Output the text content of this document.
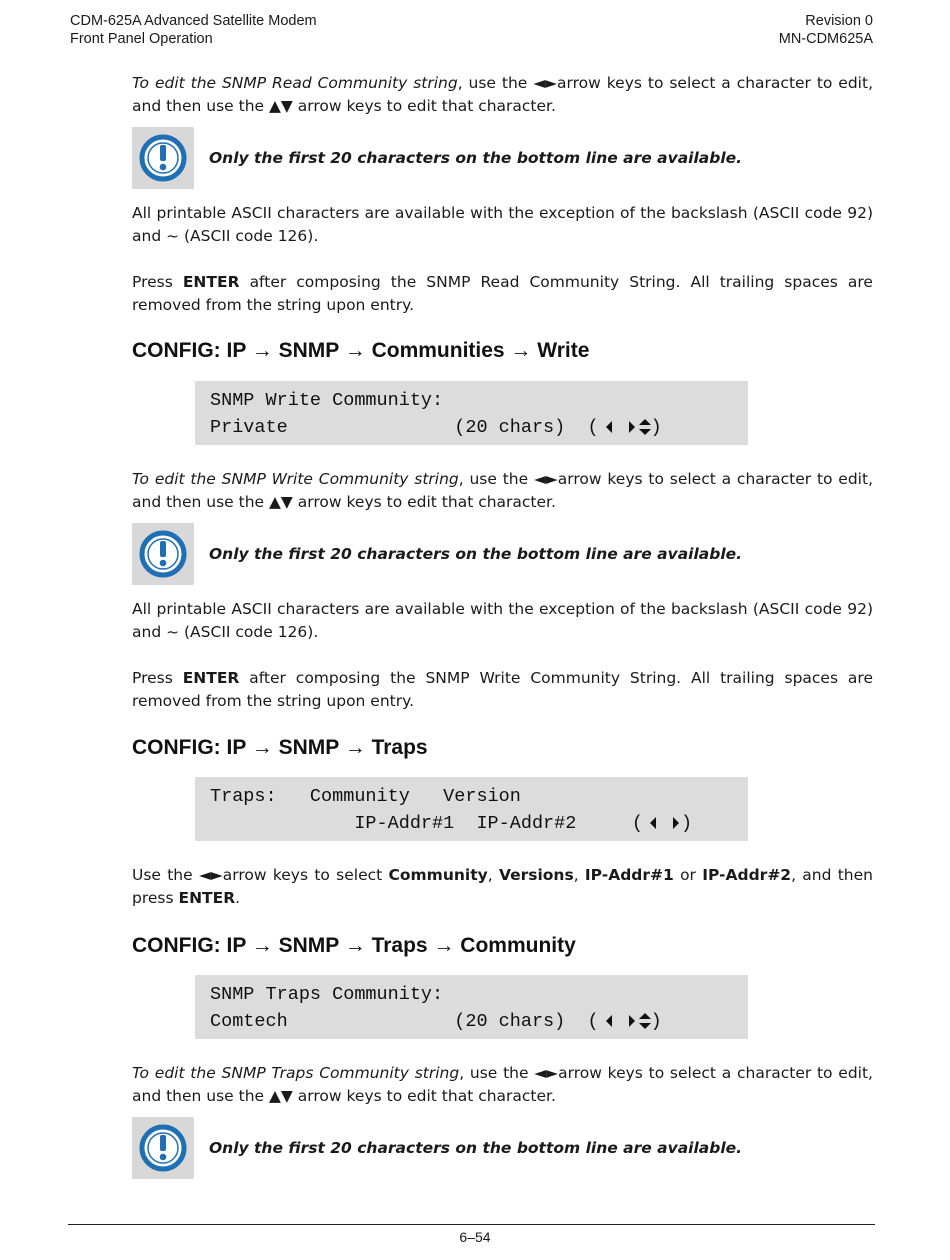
CDM-625A Advanced Satellite Modem	Revision 0
Front Panel Operation	MN-CDM625A

To edit the SNMP Read Community string, use the ◄►arrow keys to select a character to edit, and then use the ▲▼ arrow keys to edit that character.

Only the first 20 characters on the bottom line are available.

All printable ASCII characters are available with the exception of the backslash (ASCII code 92) and ~ (ASCII code 126).

Press ENTER after composing the SNMP Read Community String. All trailing spaces are removed from the string upon entry.

CONFIG: IP → SNMP → Communities → Write
SNMP Write Community:
Private               (20 chars)  (	)

To edit the SNMP Write Community string, use the ◄►arrow keys to select a character to edit, and then use the ▲▼ arrow keys to edit that character.

Only the first 20 characters on the bottom line are available.

All printable ASCII characters are available with the exception of the backslash (ASCII code 92) and ~ (ASCII code 126).

Press ENTER after composing the SNMP Write Community String. All trailing spaces are removed from the string upon entry.

CONFIG: IP → SNMP → Traps
Traps:   Community   Version
IP-Addr#1  IP-Addr#2     ( )

Use the ◄►arrow keys to select Community, Versions, IP-Addr#1 or IP-Addr#2, and then press ENTER.

CONFIG: IP → SNMP → Traps → Community
SNMP Traps Community:
Comtech               (20 chars)  (	)

To edit the SNMP Traps Community string, use the ◄►arrow keys to select a character to edit, and then use the ▲▼ arrow keys to edit that character.

Only the first 20 characters on the bottom line are available.
6–54
